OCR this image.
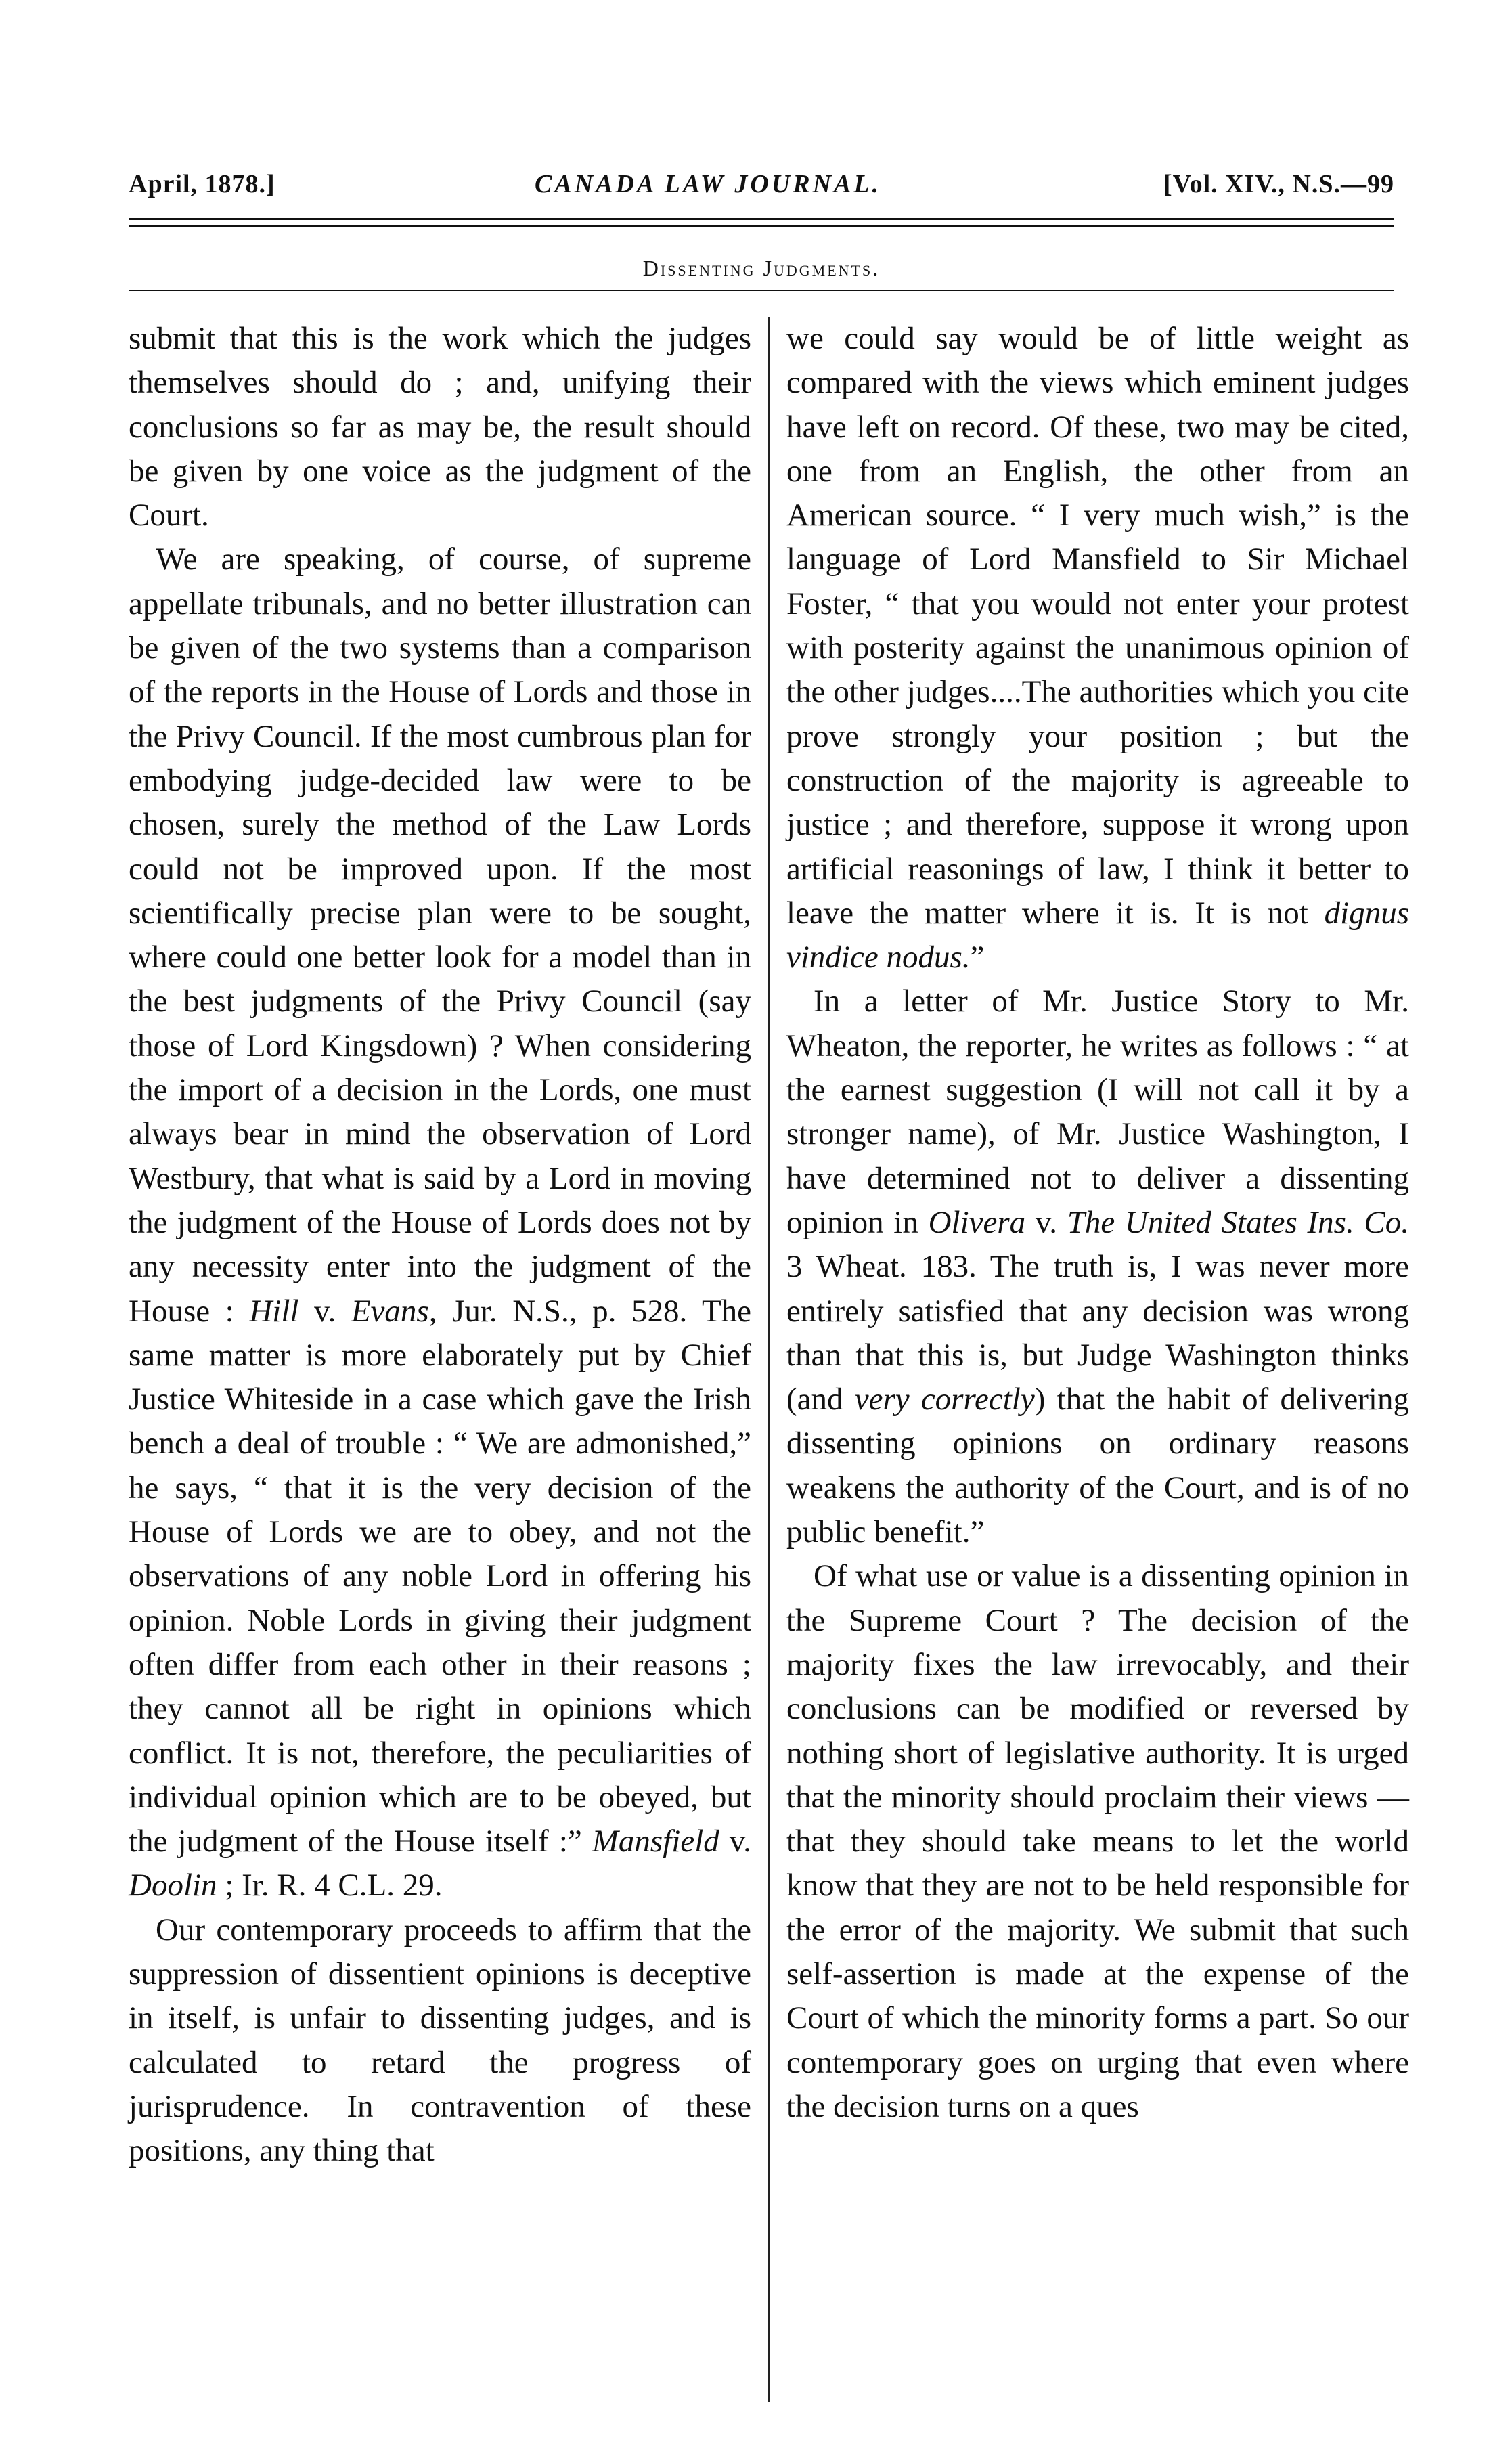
April, 1878.]	CANADA LAW JOURNAL.	[Vol. XIV., N.S.—99
Dissenting Judgments.

submit that this is the work which the judges themselves should do ; and, unifying their conclusions so far as may be, the result should be given by one voice as the judgment of the Court.

We are speaking, of course, of supreme appellate tribunals, and no better illustration can be given of the two systems than a comparison of the reports in the House of Lords and those in the Privy Council. If the most cumbrous plan for embodying judge-decided law were to be chosen, surely the method of the Law Lords could not be improved upon. If the most scientifically precise plan were to be sought, where could one better look for a model than in the best judgments of the Privy Council (say those of Lord Kingsdown) ? When considering the import of a decision in the Lords, one must always bear in mind the observation of Lord Westbury, that what is said by a Lord in moving the judgment of the House of Lords does not by any necessity enter into the judgment of the House : Hill v. Evans, Jur. N.S., p. 528. The same matter is more elaborately put by Chief Justice Whiteside in a case which gave the Irish bench a deal of trouble : “ We are admonished,” he says, “ that it is the very decision of the House of Lords we are to obey, and not the observations of any noble Lord in offering his opinion. Noble Lords in giving their judgment often differ from each other in their reasons ; they cannot all be right in opinions which conflict. It is not, therefore, the peculiarities of individual opinion which are to be obeyed, but the judgment of the House itself :” Mansfield v. Doolin ; Ir. R. 4 C.L. 29.

Our contemporary proceeds to affirm that the suppression of dissentient opinions is deceptive in itself, is unfair to dissenting judges, and is calculated to retard the progress of jurisprudence. In contravention of these positions, any thing that

we could say would be of little weight as compared with the views which eminent judges have left on record. Of these, two may be cited, one from an English, the other from an American source. “ I very much wish,” is the language of Lord Mansfield to Sir Michael Foster, “ that you would not enter your protest with posterity against the unanimous opinion of the other judges....The authorities which you cite prove strongly your position ; but the construction of the majority is agreeable to justice ; and therefore, suppose it wrong upon artificial reasonings of law, I think it better to leave the matter where it is. It is not dignus vindice nodus.”

In a letter of Mr. Justice Story to Mr. Wheaton, the reporter, he writes as follows : “ at the earnest suggestion (I will not call it by a stronger name), of Mr. Justice Washington, I have determined not to deliver a dissenting opinion in Olivera v. The United States Ins. Co. 3 Wheat. 183. The truth is, I was never more entirely satisfied that any decision was wrong than that this is, but Judge Washington thinks (and very correctly) that the habit of delivering dissenting opinions on ordinary reasons weakens the authority of the Court, and is of no public benefit.”

Of what use or value is a dissenting opinion in the Supreme Court ? The decision of the majority fixes the law irrevocably, and their conclusions can be modified or reversed by nothing short of legislative authority. It is urged that the minority should proclaim their views —that they should take means to let the world know that they are not to be held responsible for the error of the majority. We submit that such self-assertion is made at the expense of the Court of which the minority forms a part. So our contemporary goes on urging that even where the decision turns on a ques
